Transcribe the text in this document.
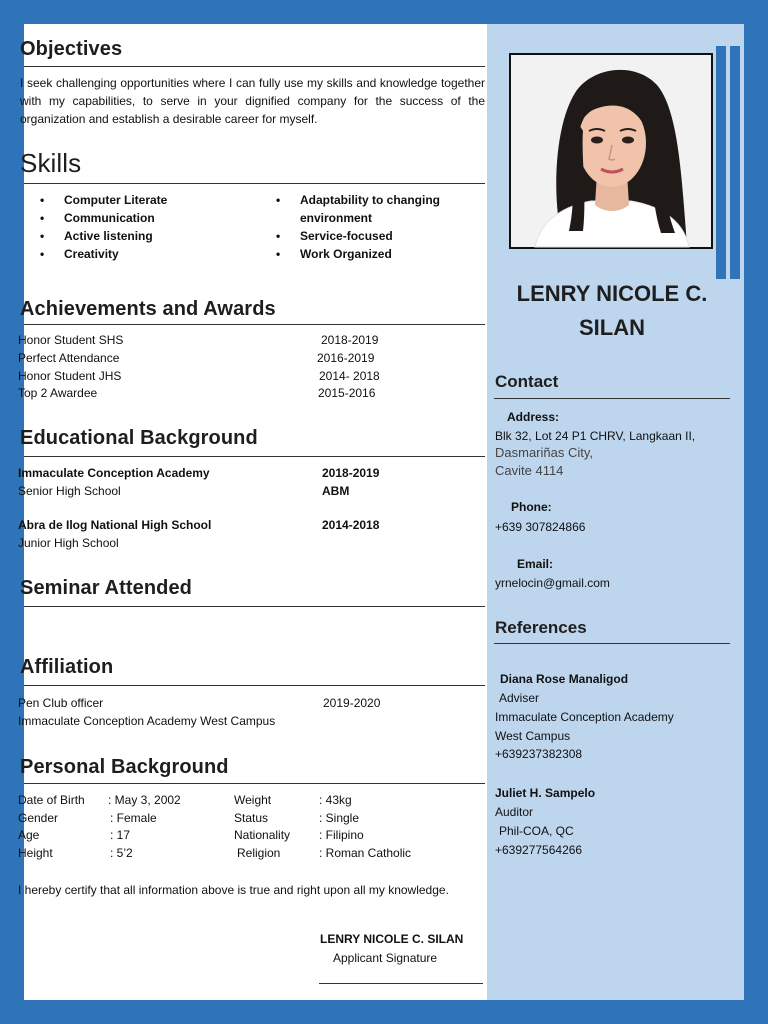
Objectives
I seek challenging opportunities where I can fully use my skills and knowledge together with my capabilities, to serve in your dignified company for the success of the organization and establish a desirable career for myself.
Skills
• Computer Literate
• Communication
• Active listening
• Creativity
• Adaptability to changing environment
• Service-focused
• Work Organized
Achievements and Awards
Honor Student SHS	2018-2019
Perfect Attendance	2016-2019
Honor Student JHS	2014- 2018
Top 2 Awardee	2015-2016
Educational Background
Immaculate Conception Academy	2018-2019
Senior High School	ABM
Abra de Ilog National High School	2014-2018
Junior High School
Seminar Attended
Affiliation
Pen Club officer	2019-2020
Immaculate Conception Academy West Campus
Personal Background
Date of Birth : May 3, 2002	Weight	: 43kg
Gender	: Female	Status	: Single
Age	: 17	Nationality : Filipino
Height	: 5’2	Religion	: Roman Catholic
I hereby certify that all information above is true and right upon all my knowledge.
LENRY NICOLE C. SILAN
Applicant Signature
LENRY NICOLE C.
SILAN
Contact
Address:
Blk 32, Lot 24 P1 CHRV, Langkaan II,
Dasmariñas City,
Cavite 4114
Phone:
+639 307824866
Email:
yrnelocin@gmail.com
References
Diana Rose Manaligod
Adviser
Immaculate Conception Academy
West Campus
+639237382308
Juliet H. Sampelo
Auditor
Phil-COA, QC
+639277564266
